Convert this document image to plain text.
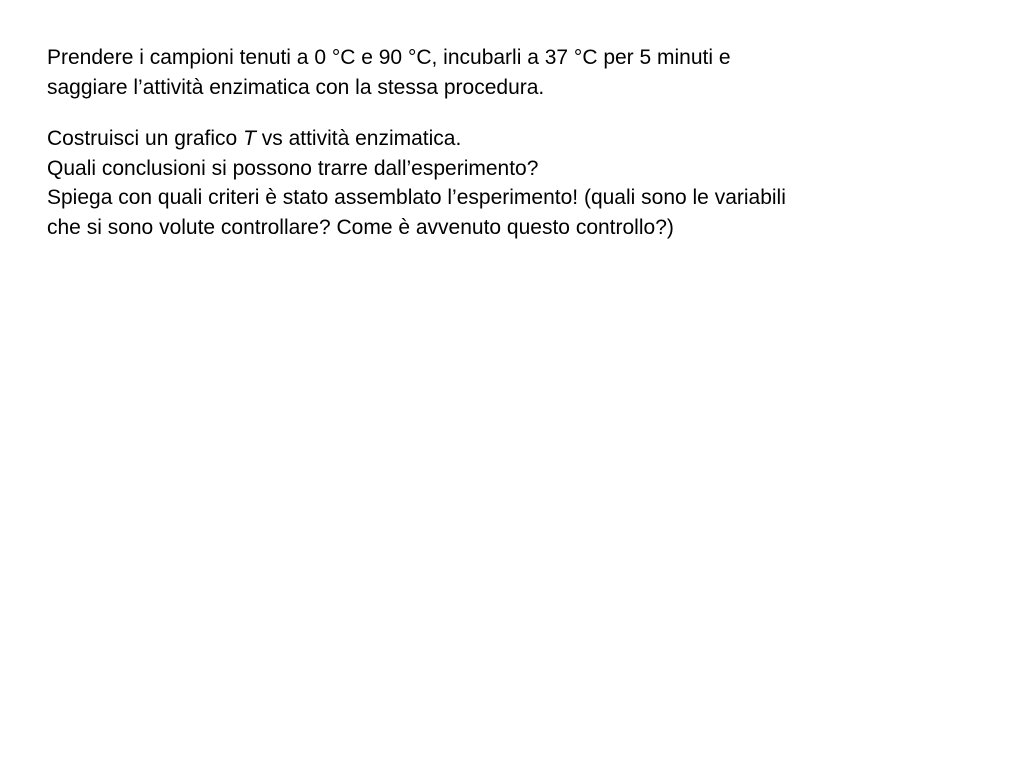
Prendere i campioni tenuti a 0 °C e 90 °C, incubarli a 37 °C per 5 minuti e
saggiare l’attività enzimatica con la stessa procedura.

Costruisci un grafico T vs attività enzimatica.
Quali conclusioni si possono trarre dall’esperimento?
Spiega con quali criteri è stato assemblato l’esperimento! (quali sono le variabili
che si sono volute controllare? Come è avvenuto questo controllo?)
